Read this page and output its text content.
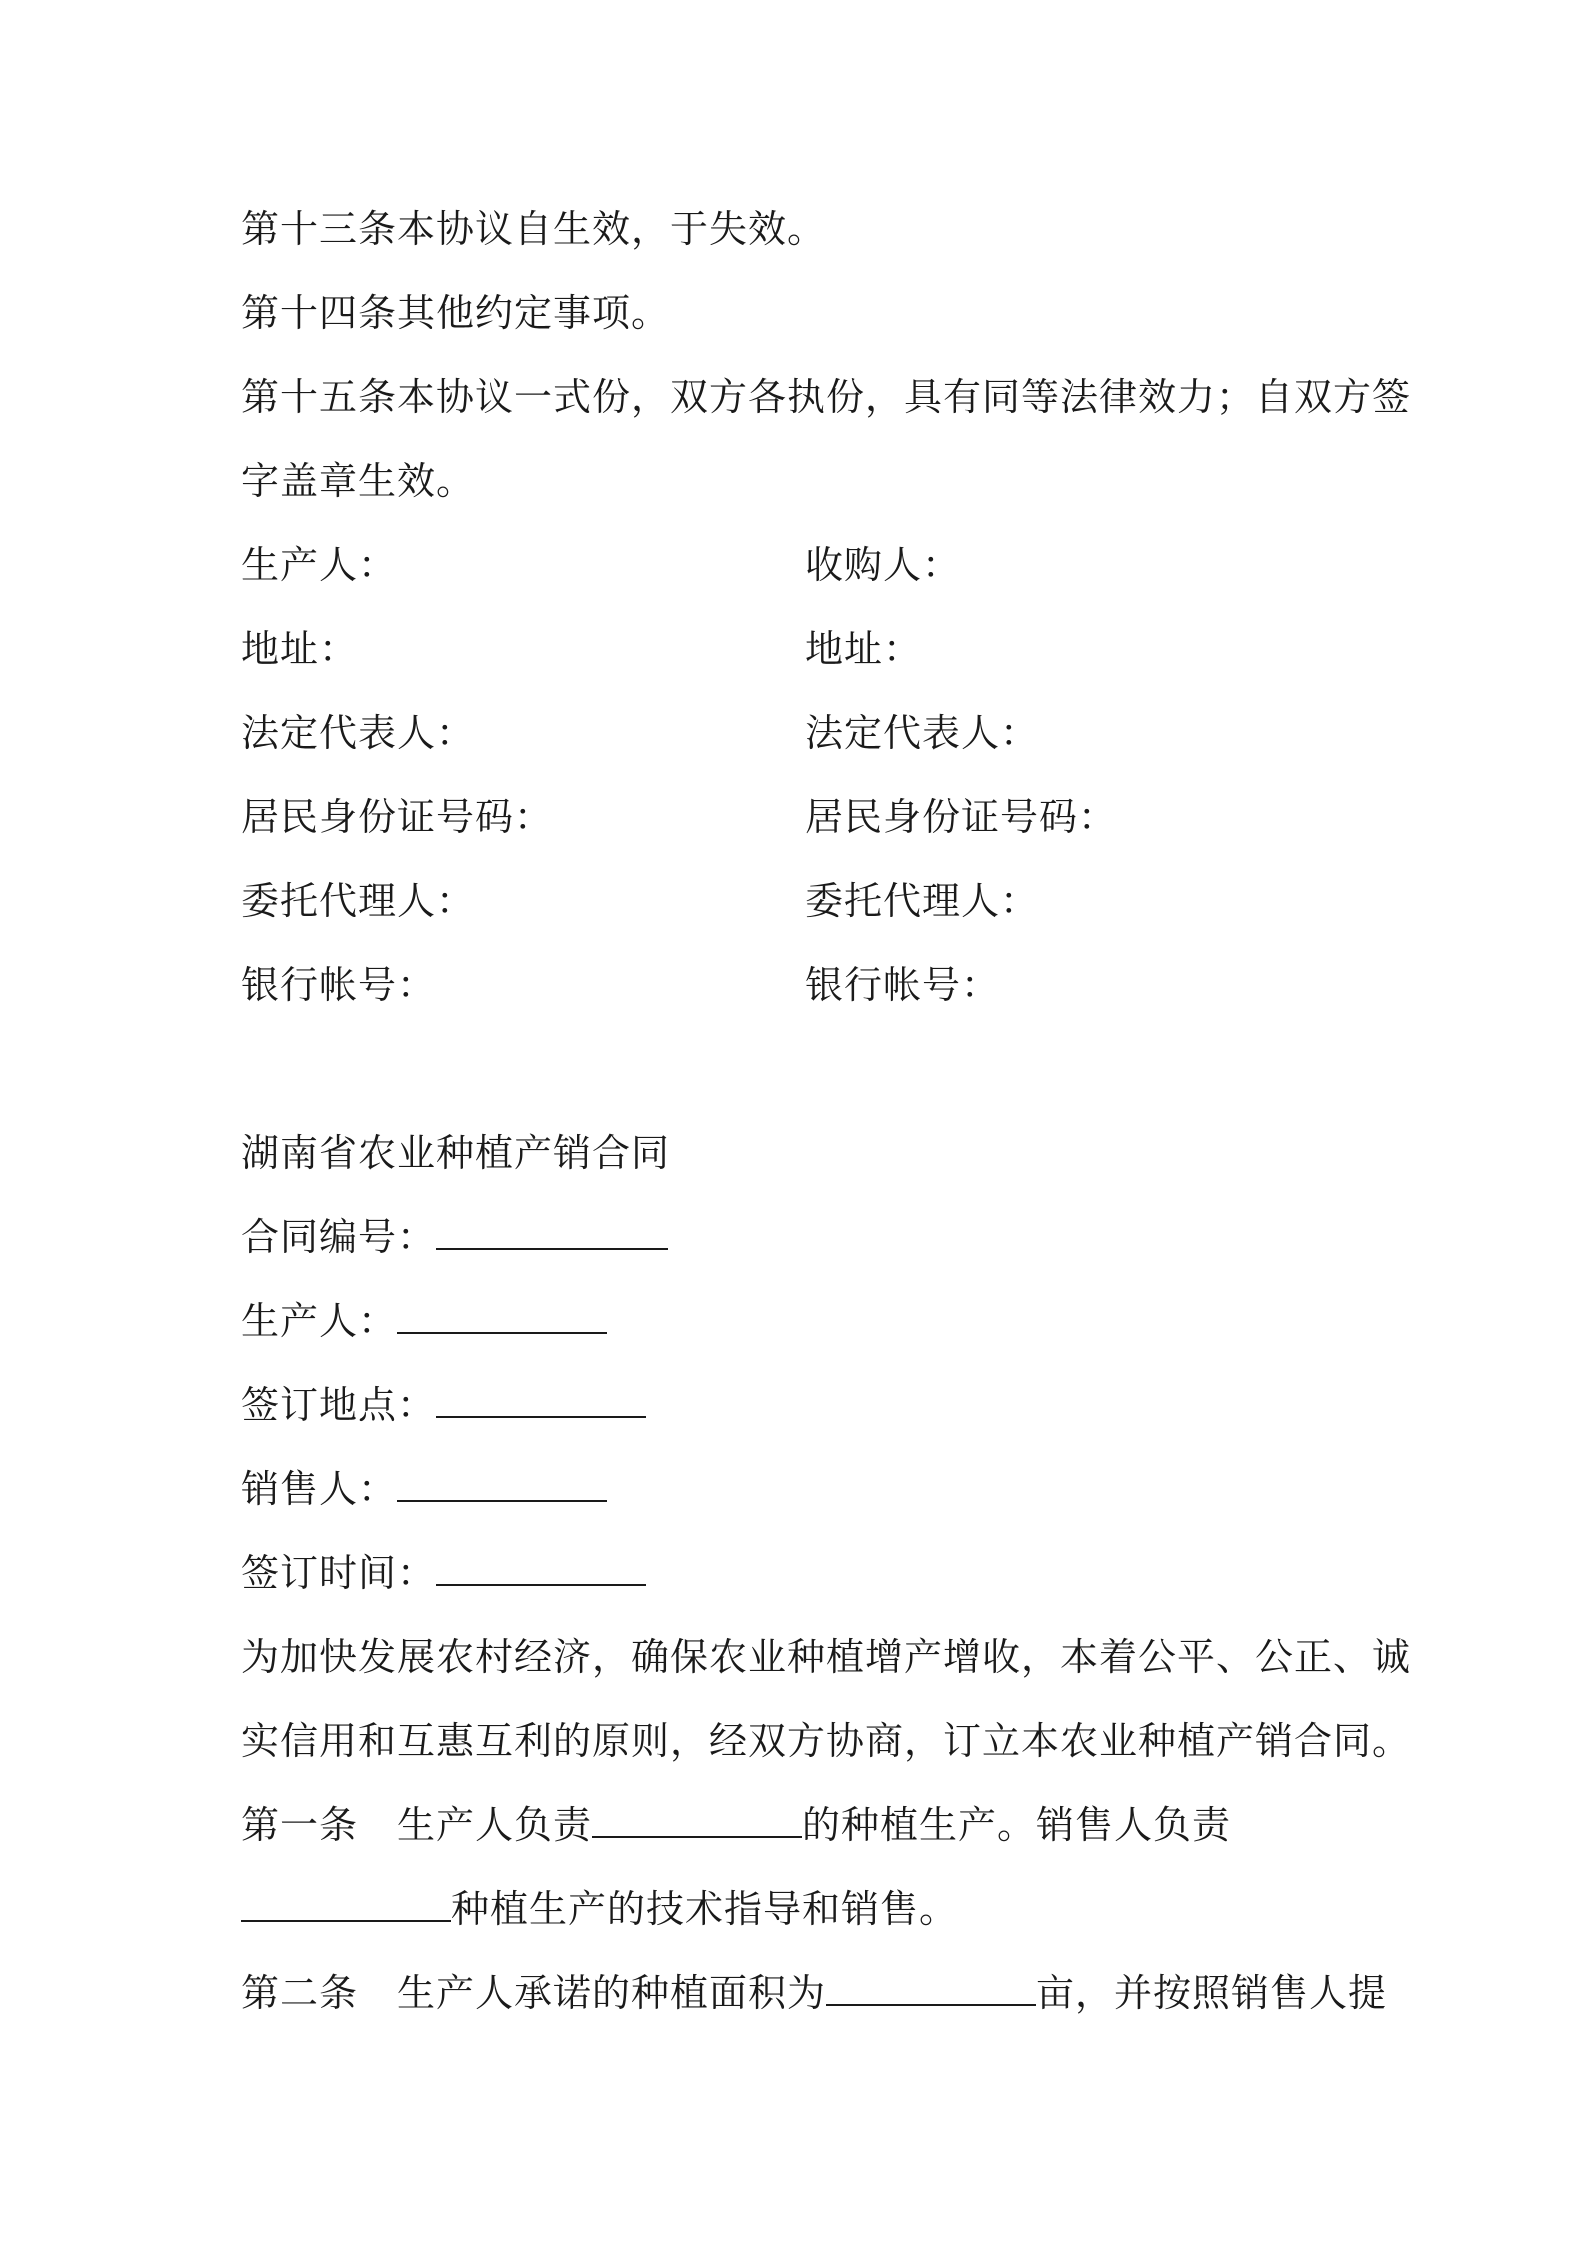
第十三条本协议自生效，于失效。
第十四条其他约定事项。
第十五条本协议一式份，双方各执份，具有同等法律效力；自双方签
字盖章生效。
生产人：	收购人：
地址：	地址：
法定代表人：	法定代表人：
居民身份证号码：	居民身份证号码：
委托代理人：	委托代理人：
银行帐号：	银行帐号：
湖南省农业种植产销合同
合同编号：
生产人：
签订地点：
销售人：
签订时间：
为加快发展农村经济，确保农业种植增产增收，本着公平、公正、诚
实信用和互惠互利的原则，经双方协商，订立本农业种植产销合同。
第一条　生产人负责	的种植生产。销售人负责
种植生产的技术指导和销售。
第二条　生产人承诺的种植面积为	亩，并按照销售人提
